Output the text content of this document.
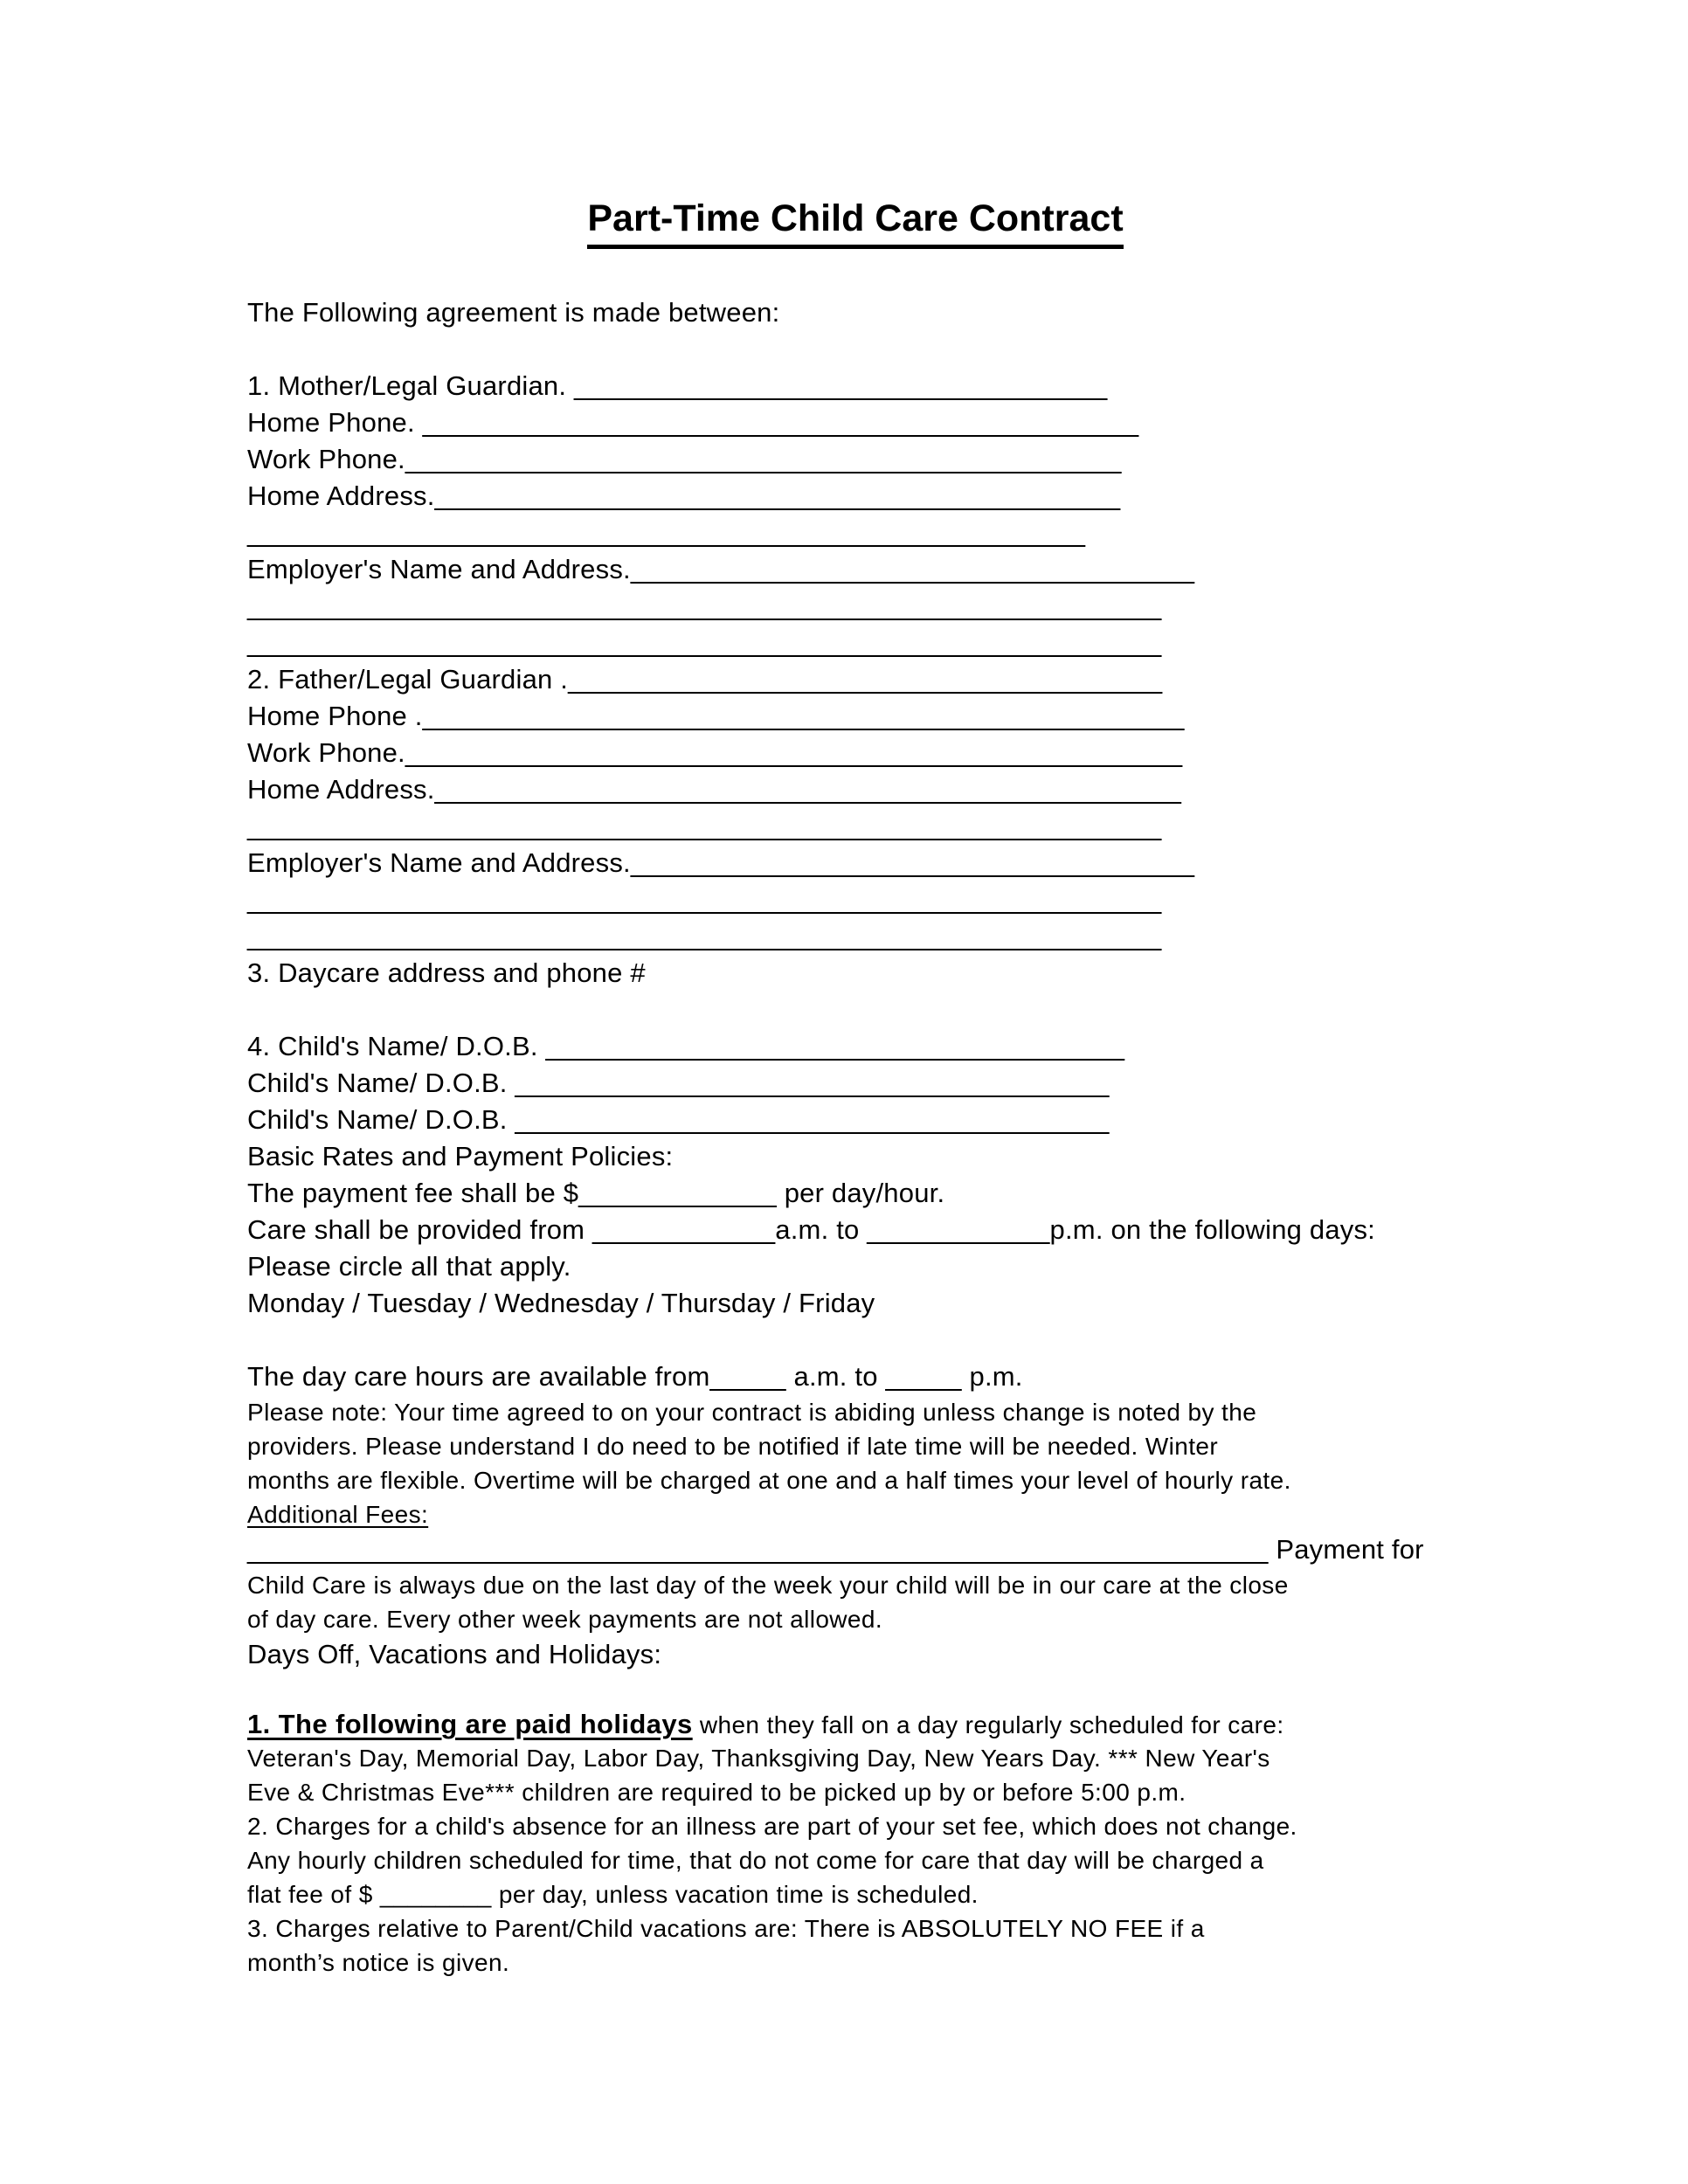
Part-Time Child Care Contract
The Following agreement is made between:
1. Mother/Legal Guardian. ___________________________________
Home Phone. _______________________________________________
Work Phone._______________________________________________
Home Address._____________________________________________
_______________________________________________________
Employer's Name and Address._____________________________________
____________________________________________________________
____________________________________________________________
2. Father/Legal Guardian ._______________________________________
Home Phone .__________________________________________________
Work Phone.___________________________________________________
Home Address._________________________________________________
____________________________________________________________
Employer's Name and Address._____________________________________
____________________________________________________________
____________________________________________________________
3. Daycare address and phone #
4. Child's Name/ D.O.B. ______________________________________
Child's Name/ D.O.B. _______________________________________
Child's Name/ D.O.B. _______________________________________
Basic Rates and Payment Policies:
The payment fee shall be $_____________ per day/hour.
Care shall be provided from ____________a.m. to ____________p.m. on the following days:
Please circle all that apply.
Monday / Tuesday / Wednesday / Thursday / Friday
The day care hours are available from_____ a.m. to _____ p.m.
Please note: Your time agreed to on your contract is abiding unless change is noted by the
providers. Please understand I do need to be notified if late time will be needed. Winter
months are flexible. Overtime will be charged at one and a half times your level of hourly rate.
Additional Fees:
___________________________________________________________________ Payment for
Child Care is always due on the last day of the week your child will be in our care at the close
of day care. Every other week payments are not allowed.
Days Off, Vacations and Holidays:
1. The following are paid holidays when they fall on a day regularly scheduled for care:
Veteran's Day, Memorial Day, Labor Day, Thanksgiving Day, New Years Day. *** New Year's
Eve & Christmas Eve*** children are required to be picked up by or before 5:00 p.m.
2. Charges for a child's absence for an illness are part of your set fee, which does not change.
Any hourly children scheduled for time, that do not come for care that day will be charged a
flat fee of $ ________ per day, unless vacation time is scheduled.
3. Charges relative to Parent/Child vacations are: There is ABSOLUTELY NO FEE if a
month’s notice is given.
